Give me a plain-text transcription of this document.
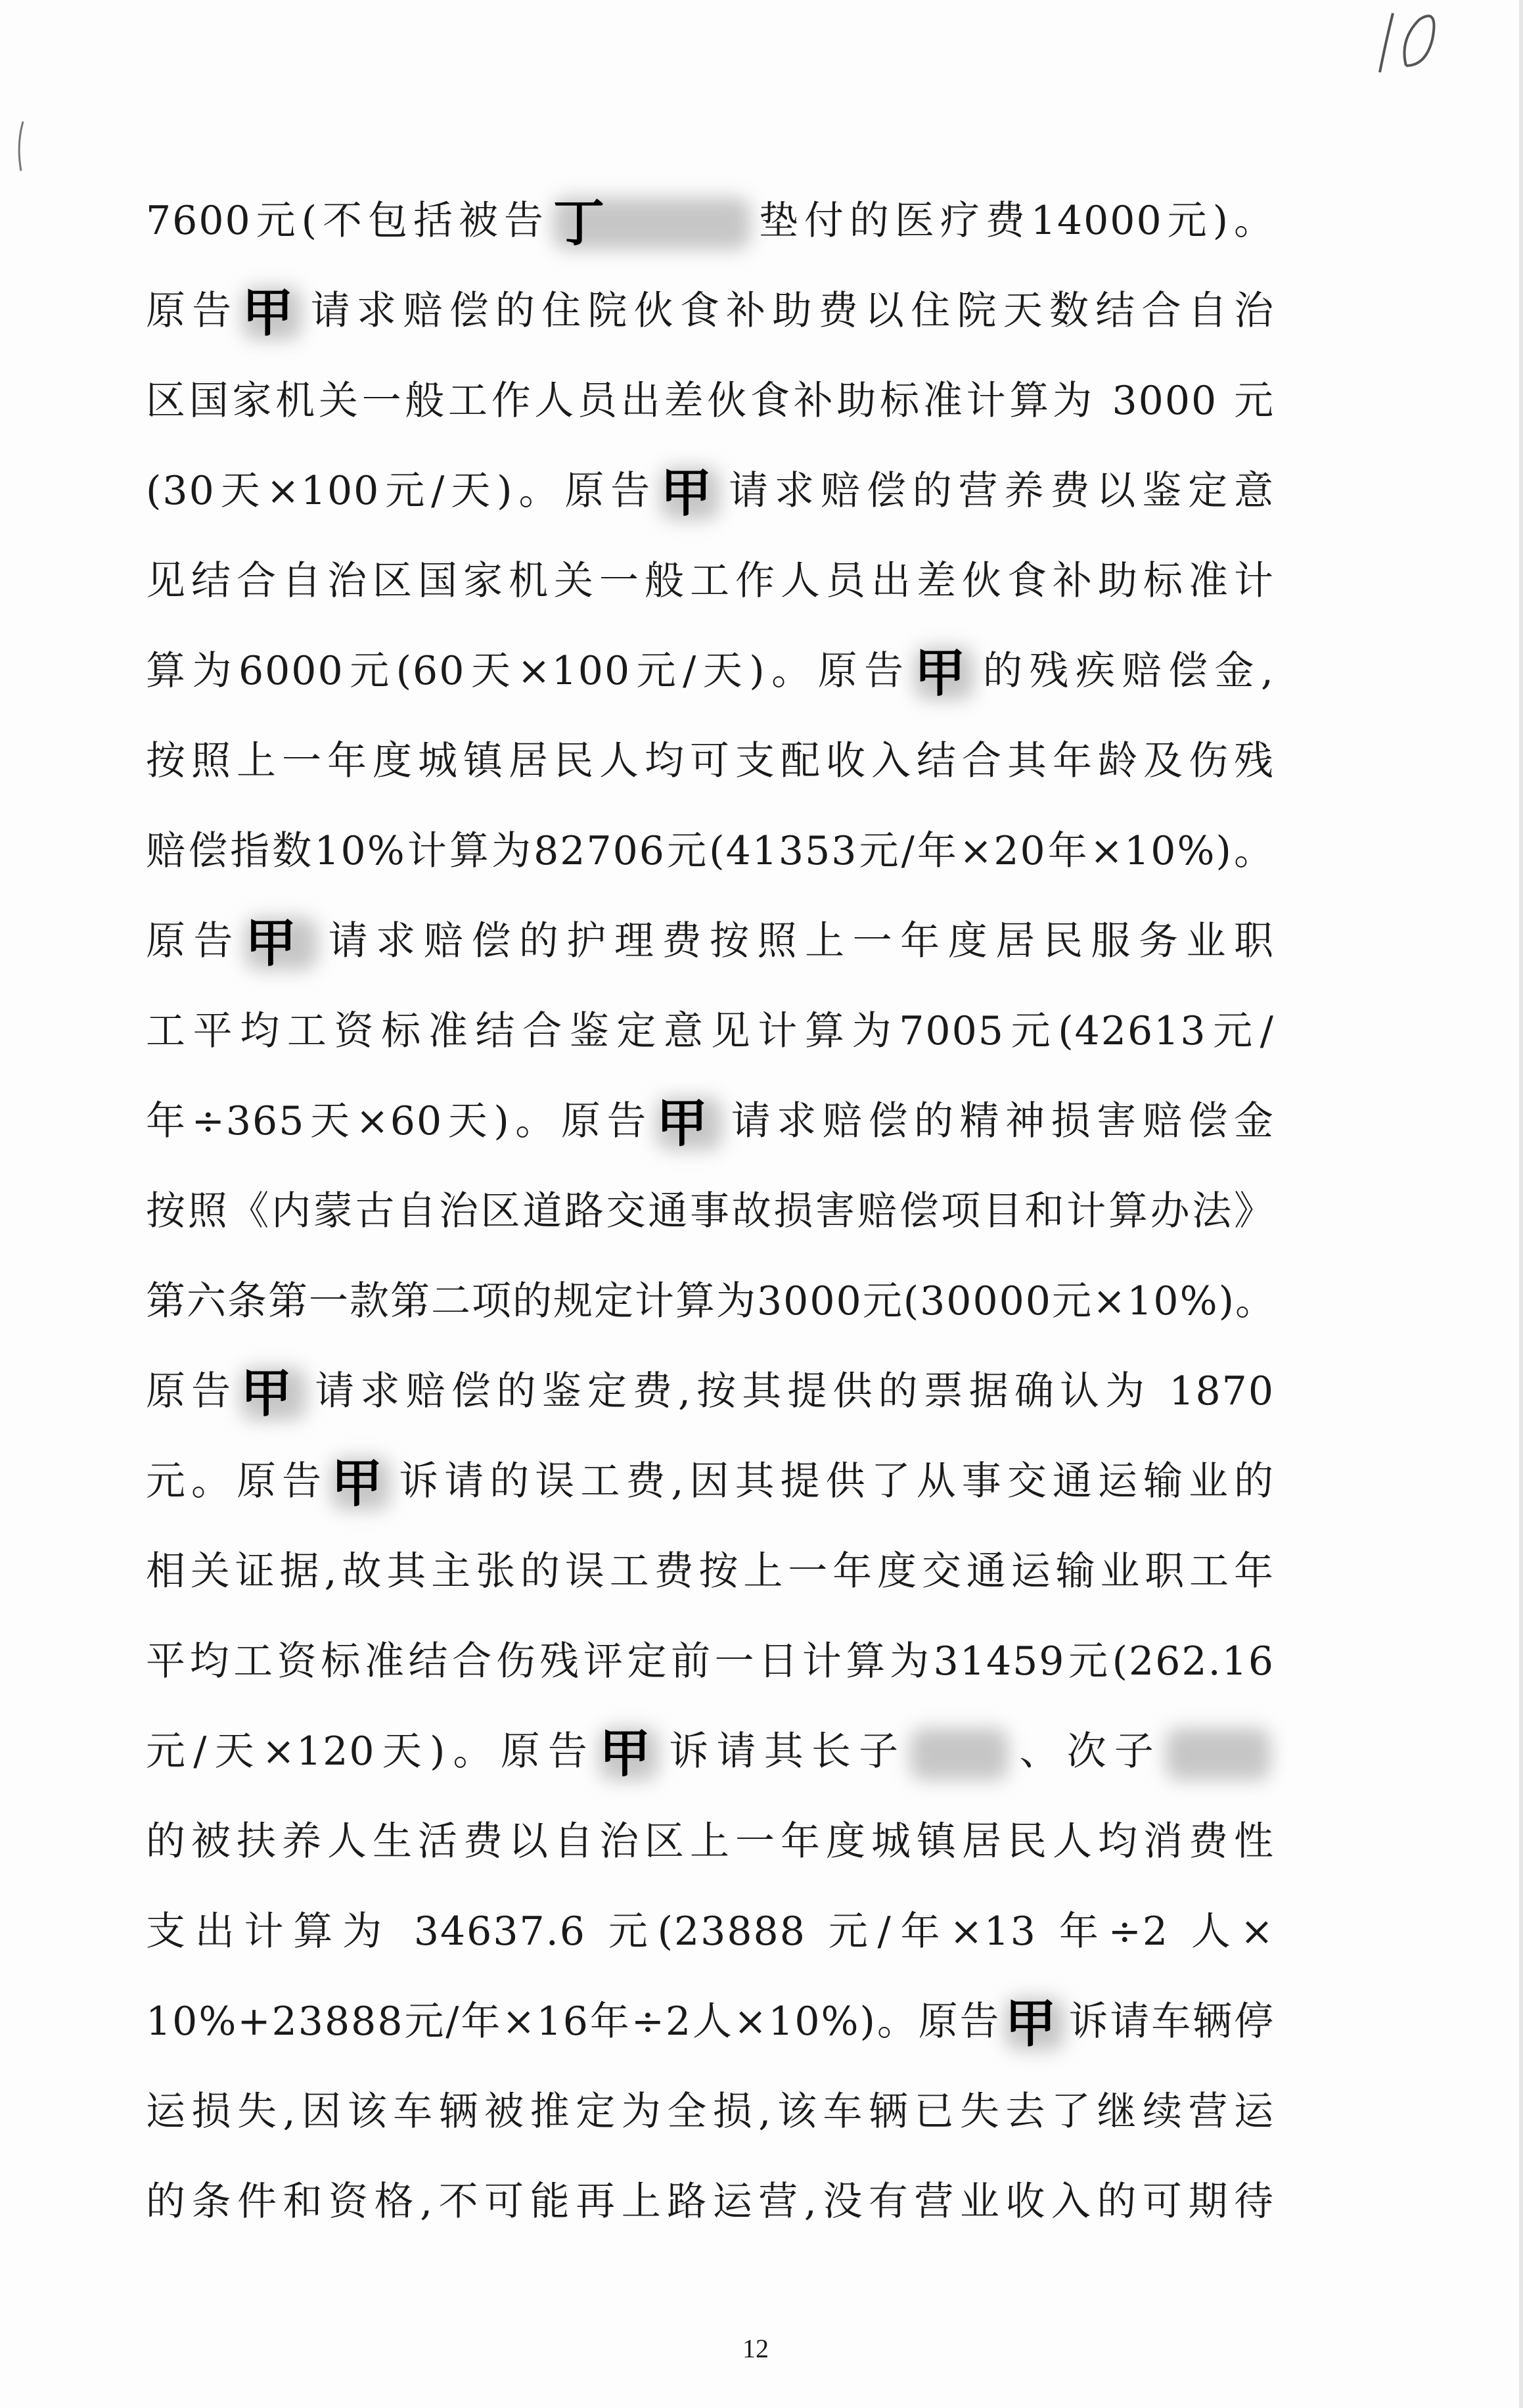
7600元(不包括被告 丁	垫付的医疗费14000元)。
原告 甲 请求赔偿的住院伙食补助费以住院天数结合自治
区国家机关一般工作人员出差伙食补助标准计算为 3000 元
(30天×100元/天)。原告 甲 请求赔偿的营养费以鉴定意
见结合自治区国家机关一般工作人员出差伙食补助标准计
算为6000元(60天×100元/天)。原告 甲 的残疾赔偿金,
按照上一年度城镇居民人均可支配收入结合其年龄及伤残
赔偿指数10%计算为82706元(41353元/年×20年×10%)。
原告 甲 请求赔偿的护理费按照上一年度居民服务业职
工平均工资标准结合鉴定意见计算为7005元(42613元/
年÷365天×60天)。原告 甲 请求赔偿的精神损害赔偿金
按照《内蒙古自治区道路交通事故损害赔偿项目和计算办法》
第六条第一款第二项的规定计算为3000元(30000元×10%)。
原告 甲 请求赔偿的鉴定费,按其提供的票据确认为 1870
元。原告 甲 诉请的误工费,因其提供了从事交通运输业的
相关证据,故其主张的误工费按上一年度交通运输业职工年
平均工资标准结合伤残评定前一日计算为31459元(262.16
元/天×120天)。原告 甲 诉请其长子	、次子
的被扶养人生活费以自治区上一年度城镇居民人均消费性
支出计算为 34637.6 元(23888 元/年×13 年÷2 人×
10%+23888元/年×16年÷2人×10%)。原告 甲 诉请车辆停
运损失,因该车辆被推定为全损,该车辆已失去了继续营运
的条件和资格,不可能再上路运营,没有营业收入的可期待
12
